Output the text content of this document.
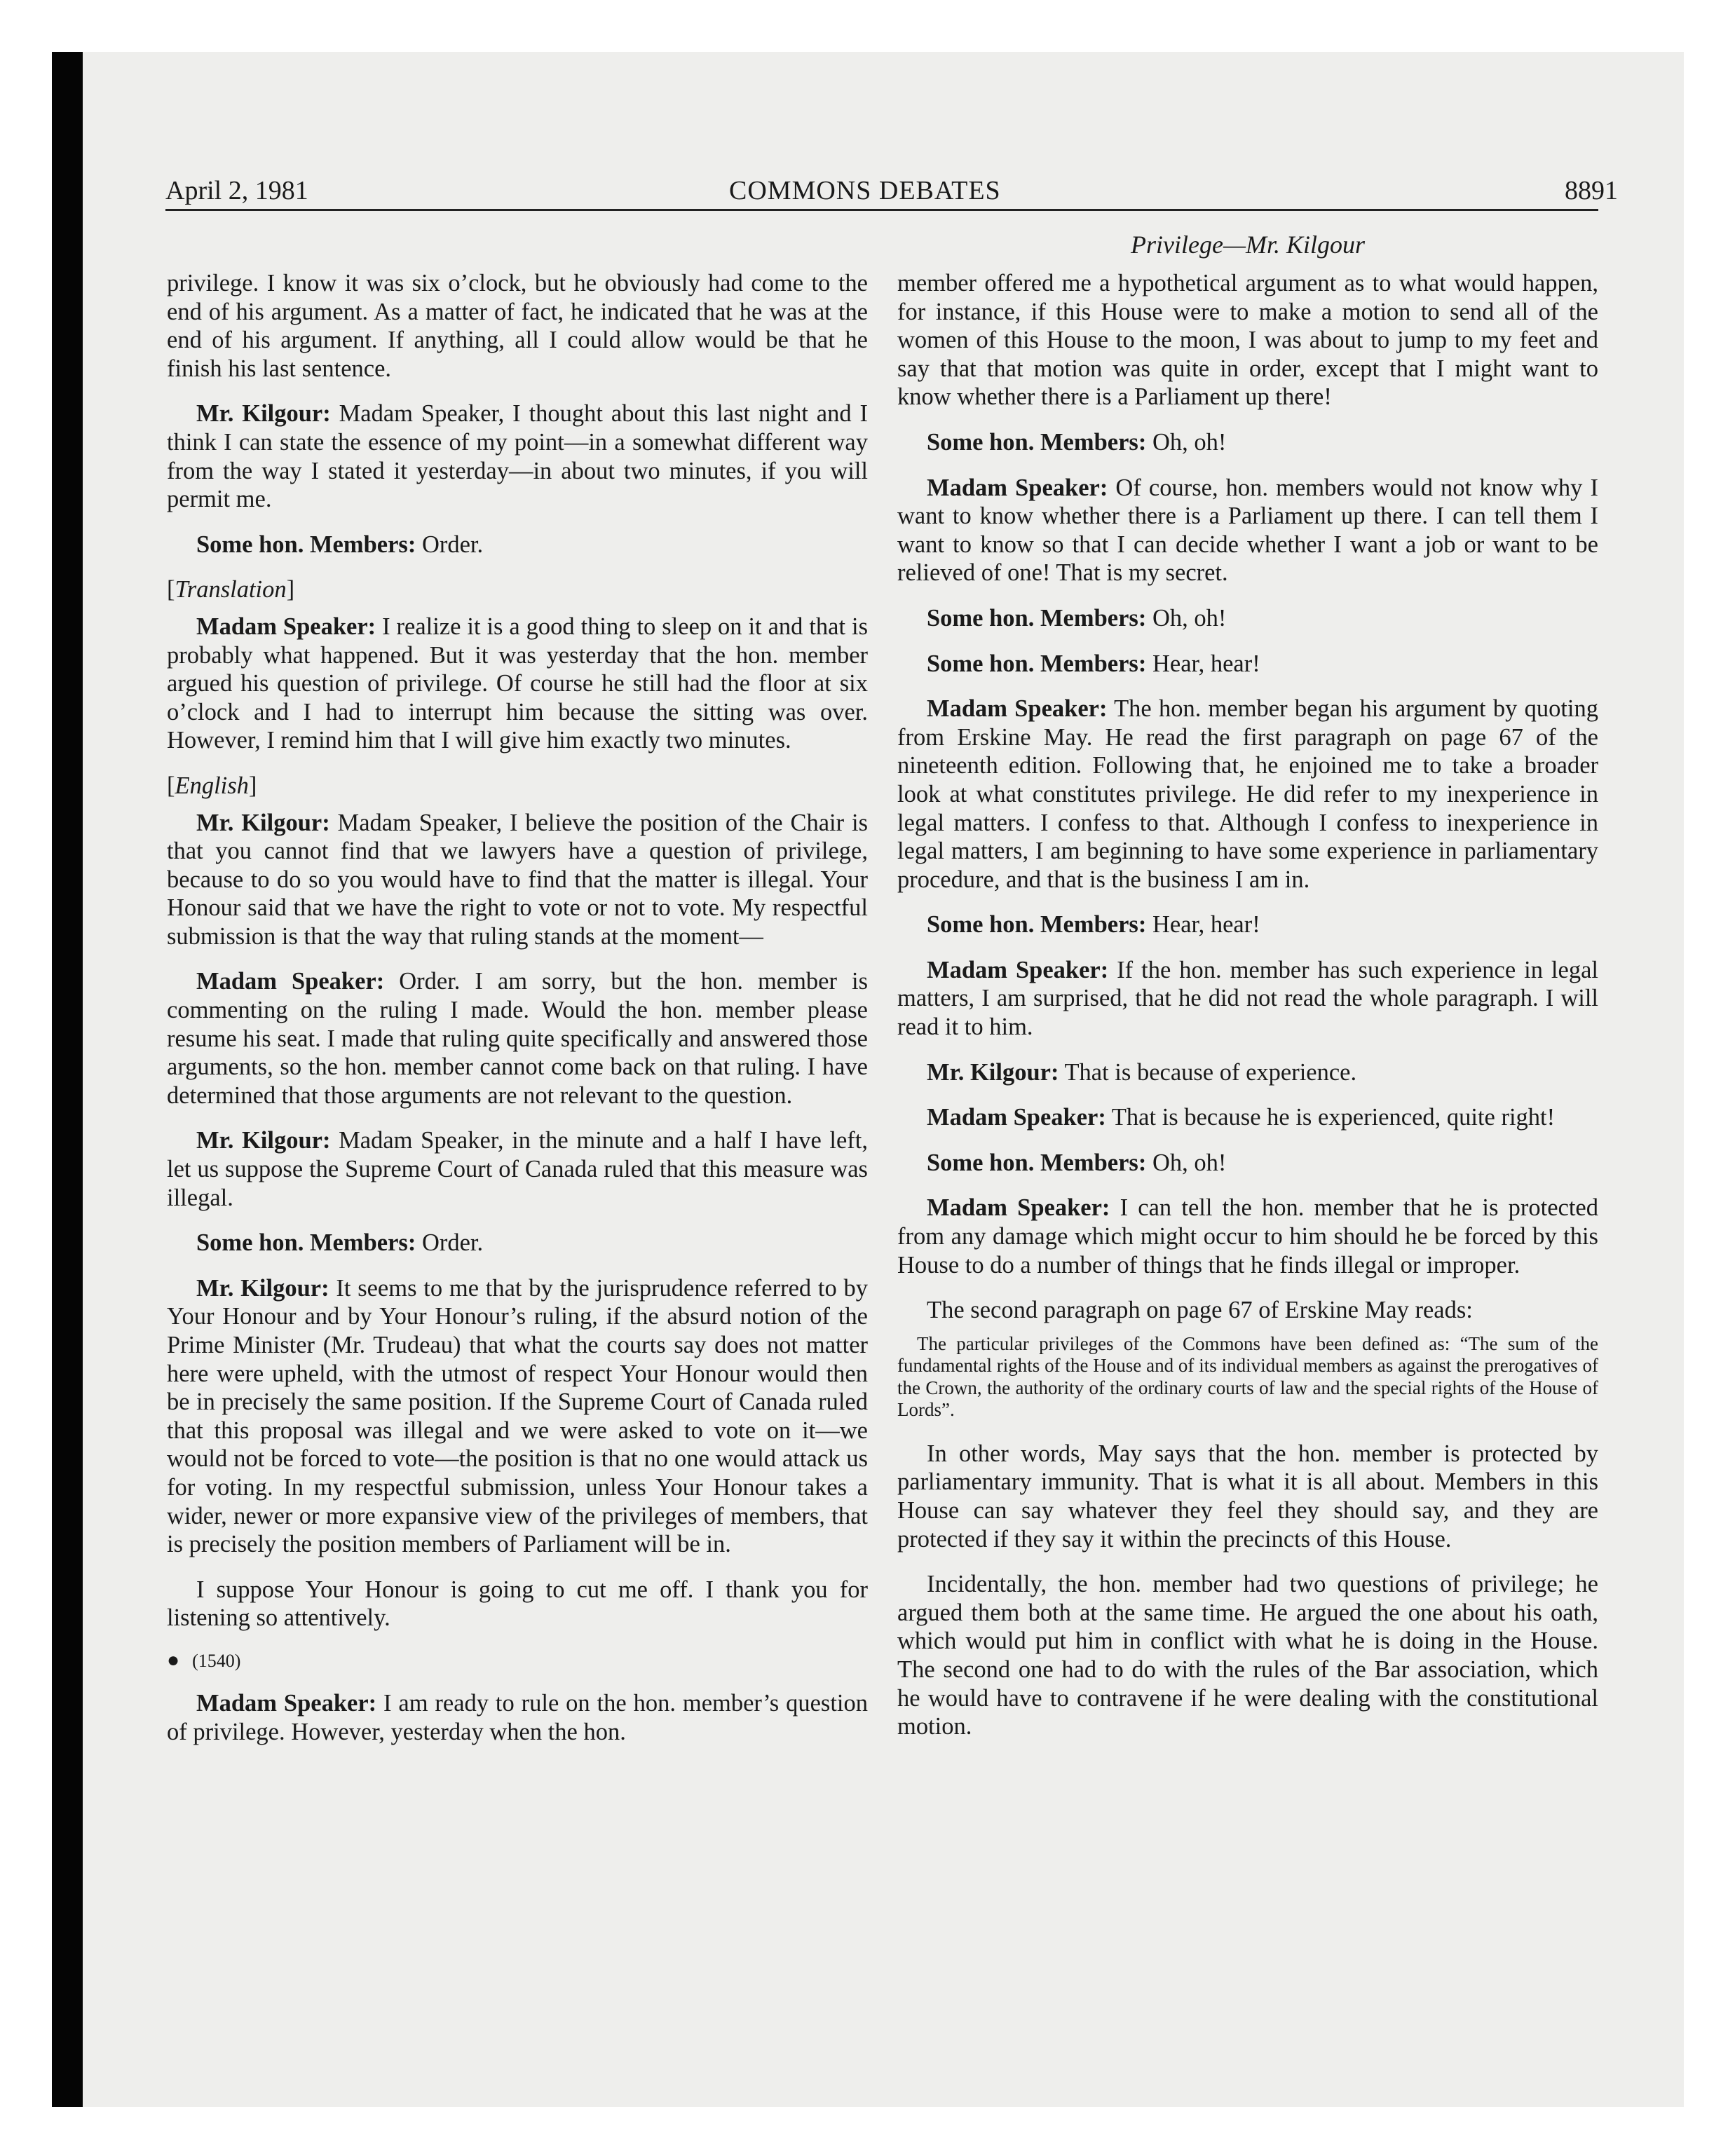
April 2, 1981	COMMONS DEBATES	8891
Privilege—Mr. Kilgour

privilege. I know it was six o’clock, but he obviously had come to the end of his argument. As a matter of fact, he indicated that he was at the end of his argument. If anything, all I could allow would be that he finish his last sentence.

Mr. Kilgour: Madam Speaker, I thought about this last night and I think I can state the essence of my point—in a somewhat different way from the way I stated it yesterday—in about two minutes, if you will permit me.

Some hon. Members: Order.

[Translation]

Madam Speaker: I realize it is a good thing to sleep on it and that is probably what happened. But it was yesterday that the hon. member argued his question of privilege. Of course he still had the floor at six o’clock and I had to interrupt him because the sitting was over. However, I remind him that I will give him exactly two minutes.

[English]

Mr. Kilgour: Madam Speaker, I believe the position of the Chair is that you cannot find that we lawyers have a question of privilege, because to do so you would have to find that the matter is illegal. Your Honour said that we have the right to vote or not to vote. My respectful submission is that the way that ruling stands at the moment—

Madam Speaker: Order. I am sorry, but the hon. member is commenting on the ruling I made. Would the hon. member please resume his seat. I made that ruling quite specifically and answered those arguments, so the hon. member cannot come back on that ruling. I have determined that those arguments are not relevant to the question.

Mr. Kilgour: Madam Speaker, in the minute and a half I have left, let us suppose the Supreme Court of Canada ruled that this measure was illegal.

Some hon. Members: Order.

Mr. Kilgour: It seems to me that by the jurisprudence referred to by Your Honour and by Your Honour’s ruling, if the absurd notion of the Prime Minister (Mr. Trudeau) that what the courts say does not matter here were upheld, with the utmost of respect Your Honour would then be in precisely the same position. If the Supreme Court of Canada ruled that this proposal was illegal and we were asked to vote on it—we would not be forced to vote—the position is that no one would attack us for voting. In my respectful submission, unless Your Honour takes a wider, newer or more expansive view of the privileges of members, that is precisely the position members of Parliament will be in.

I suppose Your Honour is going to cut me off. I thank you for listening so attentively.

● (1540)

Madam Speaker: I am ready to rule on the hon. member’s question of privilege. However, yesterday when the hon.

member offered me a hypothetical argument as to what would happen, for instance, if this House were to make a motion to send all of the women of this House to the moon, I was about to jump to my feet and say that that motion was quite in order, except that I might want to know whether there is a Parliament up there!

Some hon. Members: Oh, oh!

Madam Speaker: Of course, hon. members would not know why I want to know whether there is a Parliament up there. I can tell them I want to know so that I can decide whether I want a job or want to be relieved of one! That is my secret.

Some hon. Members: Oh, oh!

Some hon. Members: Hear, hear!

Madam Speaker: The hon. member began his argument by quoting from Erskine May. He read the first paragraph on page 67 of the nineteenth edition. Following that, he enjoined me to take a broader look at what constitutes privilege. He did refer to my inexperience in legal matters. I confess to that. Although I confess to inexperience in legal matters, I am beginning to have some experience in parliamentary procedure, and that is the business I am in.

Some hon. Members: Hear, hear!

Madam Speaker: If the hon. member has such experience in legal matters, I am surprised, that he did not read the whole paragraph. I will read it to him.

Mr. Kilgour: That is because of experience.

Madam Speaker: That is because he is experienced, quite right!

Some hon. Members: Oh, oh!

Madam Speaker: I can tell the hon. member that he is protected from any damage which might occur to him should he be forced by this House to do a number of things that he finds illegal or improper.

The second paragraph on page 67 of Erskine May reads:

The particular privileges of the Commons have been defined as: “The sum of the fundamental rights of the House and of its individual members as against the prerogatives of the Crown, the authority of the ordinary courts of law and the special rights of the House of Lords”.

In other words, May says that the hon. member is protected by parliamentary immunity. That is what it is all about. Members in this House can say whatever they feel they should say, and they are protected if they say it within the precincts of this House.

Incidentally, the hon. member had two questions of privilege; he argued them both at the same time. He argued the one about his oath, which would put him in conflict with what he is doing in the House. The second one had to do with the rules of the Bar association, which he would have to contravene if he were dealing with the constitutional motion.
